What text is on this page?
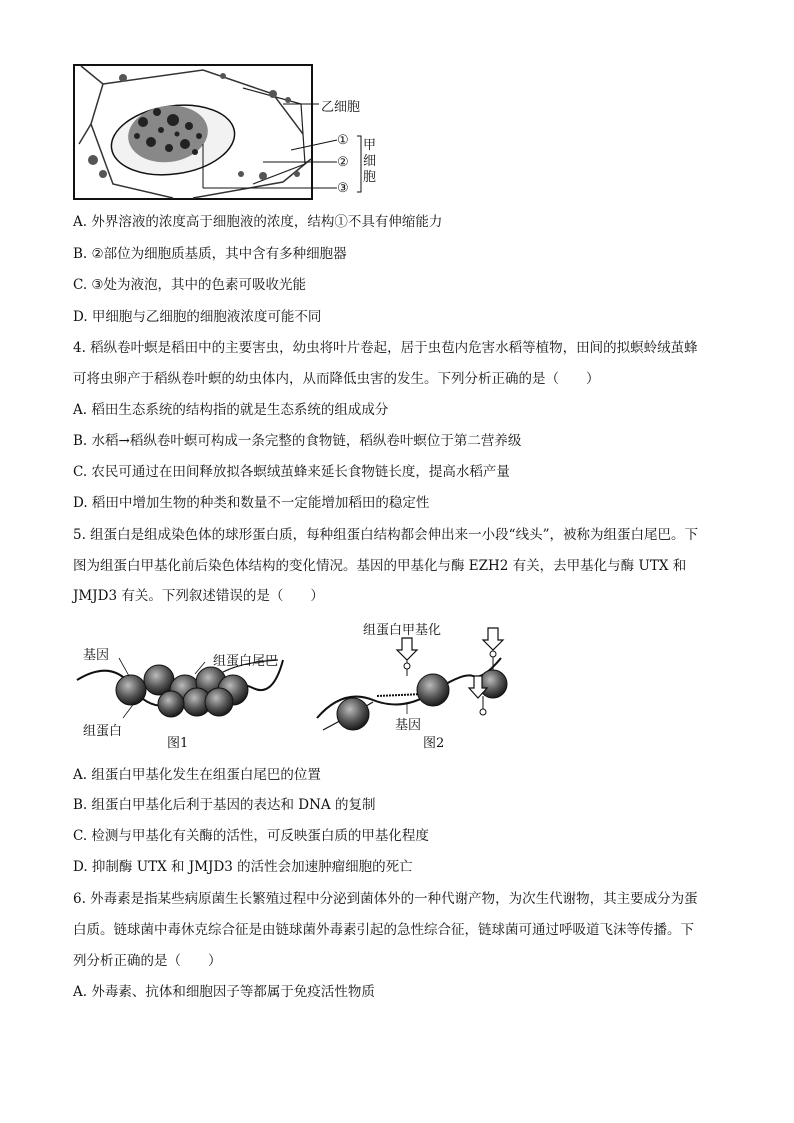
乙细胞
①
②
③
甲
细
胞
A. 外界溶液的浓度高于细胞液的浓度，结构①不具有伸缩能力
B. ②部位为细胞质基质，其中含有多种细胞器
C. ③处为液泡，其中的色素可吸收光能
D. 甲细胞与乙细胞的细胞液浓度可能不同
4. 稻纵卷叶螟是稻田中的主要害虫，幼虫将叶片卷起，居于虫苞内危害水稻等植物，田间的拟螟蛉绒茧蜂
可将虫卵产于稻纵卷叶螟的幼虫体内，从而降低虫害的发生。下列分析正确的是（　　）
A. 稻田生态系统的结构指的就是生态系统的组成成分
B. 水稻→稻纵卷叶螟可构成一条完整的食物链，稻纵卷叶螟位于第二营养级
C. 农民可通过在田间释放拟各螟绒茧蜂来延长食物链长度，提高水稻产量
D. 稻田中增加生物的种类和数量不一定能增加稻田的稳定性
5. 组蛋白是组成染色体的球形蛋白质，每种组蛋白结构都会伸出来一小段“线头”，被称为组蛋白尾巴。下
图为组蛋白甲基化前后染色体结构的变化情况。基因的甲基化与酶 EZH2 有关，去甲基化与酶 UTX 和
JMJD3 有关。下列叙述错误的是（　　）
基因	组蛋白尾巴
组蛋白
图1
组蛋白甲基化
基因
图2
A. 组蛋白甲基化发生在组蛋白尾巴的位置
B. 组蛋白甲基化后利于基因的表达和 DNA 的复制
C. 检测与甲基化有关酶的活性，可反映蛋白质的甲基化程度
D. 抑制酶 UTX 和 JMJD3 的活性会加速肿瘤细胞的死亡
6. 外毒素是指某些病原菌生长繁殖过程中分泌到菌体外的一种代谢产物，为次生代谢物，其主要成分为蛋
白质。链球菌中毒休克综合征是由链球菌外毒素引起的急性综合征，链球菌可通过呼吸道飞沫等传播。下
列分析正确的是（　　）
A. 外毒素、抗体和细胞因子等都属于免疫活性物质
